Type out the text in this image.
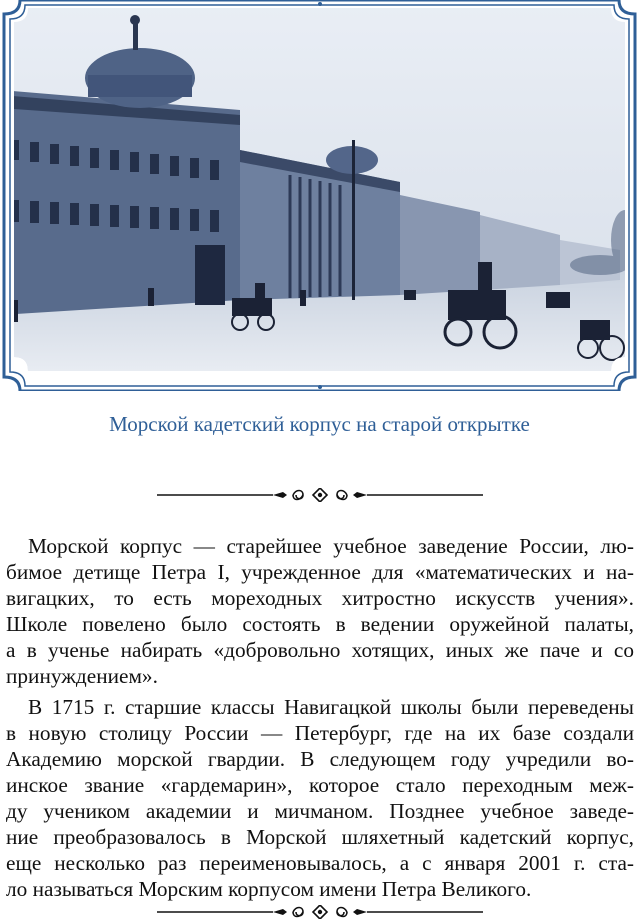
Морской кадетский корпус на старой открытке

Морской корпус — старейшее учебное заведение России, лю-
бимое детище Петра I, учрежденное для «математических и на-
вигацких, то есть мореходных хитростно искусств учения».
Школе повелено было состоять в ведении оружейной палаты,
а в ученье набирать «добровольно хотящих, иных же паче и со
принуждением».

В 1715 г. старшие классы Навигацкой школы были переведены
в новую столицу России — Петербург, где на их базе создали
Академию морской гвардии. В следующем году учредили во-
инское звание «гардемарин», которое стало переходным меж-
ду учеником академии и мичманом. Позднее учебное заведе-
ние преобразовалось в Морской шляхетный кадетский корпус,
еще несколько раз переименовывалось, а с января 2001 г. ста-
ло называться Морским корпусом имени Петра Великого.
